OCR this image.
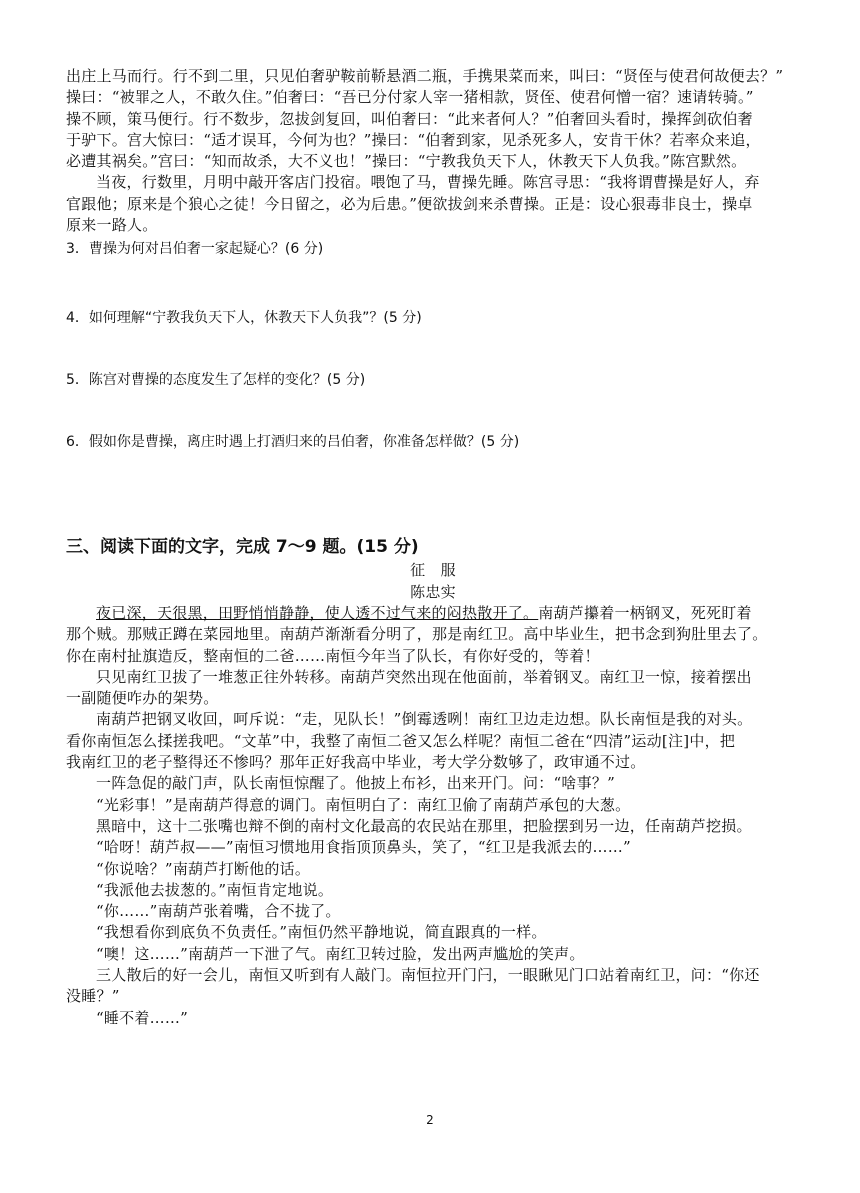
出庄上马而行。行不到二里，只见伯奢驴鞍前鞒悬酒二瓶，手携果菜而来，叫曰：“贤侄与使君何故便去？”
操曰：“被罪之人，不敢久住。”伯奢曰：“吾已分付家人宰一猪相款，贤侄、使君何憎一宿？速请转骑。”
操不顾，策马便行。行不数步，忽拔剑复回，叫伯奢曰：“此来者何人？”伯奢回头看时，操挥剑砍伯奢
于驴下。宫大惊曰：“适才误耳，今何为也？”操曰：“伯奢到家，见杀死多人，安肯干休？若率众来追，
必遭其祸矣。”宫曰：“知而故杀，大不义也！”操曰：“宁教我负天下人，休教天下人负我。”陈宫默然。
当夜，行数里，月明中敲开客店门投宿。喂饱了马，曹操先睡。陈宫寻思：“我将谓曹操是好人，弃
官跟他；原来是个狼心之徒！今日留之，必为后患。”便欲拔剑来杀曹操。正是：设心狠毒非良士，操卓
原来一路人。
3．曹操为何对吕伯奢一家起疑心？(6 分)
4．如何理解“宁教我负天下人，休教天下人负我”？(5 分)
5．陈宫对曹操的态度发生了怎样的变化？(5 分)
6．假如你是曹操，离庄时遇上打酒归来的吕伯奢，你准备怎样做？(5 分)
三、阅读下面的文字，完成 7～9 题。(15 分)
征　服
陈忠实
夜已深，天很黑，田野悄悄静静，使人透不过气来的闷热散开了。南葫芦攥着一柄钢叉，死死盯着
那个贼。那贼正蹲在菜园地里。南葫芦渐渐看分明了，那是南红卫。高中毕业生，把书念到狗肚里去了。
你在南村扯旗造反，整南恒的二爸……南恒今年当了队长，有你好受的，等着！
只见南红卫拔了一堆葱正往外转移。南葫芦突然出现在他面前，举着钢叉。南红卫一惊，接着摆出
一副随便咋办的架势。
南葫芦把钢叉收回，呵斥说：“走，见队长！”倒霉透咧！南红卫边走边想。队长南恒是我的对头。
看你南恒怎么揉搓我吧。“文革”中，我整了南恒二爸又怎么样呢？南恒二爸在“四清”运动[注]中，把
我南红卫的老子整得还不惨吗？那年正好我高中毕业，考大学分数够了，政审通不过。
一阵急促的敲门声，队长南恒惊醒了。他披上布衫，出来开门。问：“啥事？”
“光彩事！”是南葫芦得意的调门。南恒明白了：南红卫偷了南葫芦承包的大葱。
黑暗中，这十二张嘴也辩不倒的南村文化最高的农民站在那里，把脸摆到另一边，任南葫芦挖损。
“哈呀！葫芦叔——”南恒习惯地用食指顶顶鼻头，笑了，“红卫是我派去的……”
“你说啥？”南葫芦打断他的话。
“我派他去拔葱的。”南恒肯定地说。
“你……”南葫芦张着嘴，合不拢了。
“我想看你到底负不负责任。”南恒仍然平静地说，简直跟真的一样。
“噢！这……”南葫芦一下泄了气。南红卫转过脸，发出两声尴尬的笑声。
三人散后的好一会儿，南恒又听到有人敲门。南恒拉开门闩，一眼瞅见门口站着南红卫，问：“你还
没睡？”
“睡不着……”
2
